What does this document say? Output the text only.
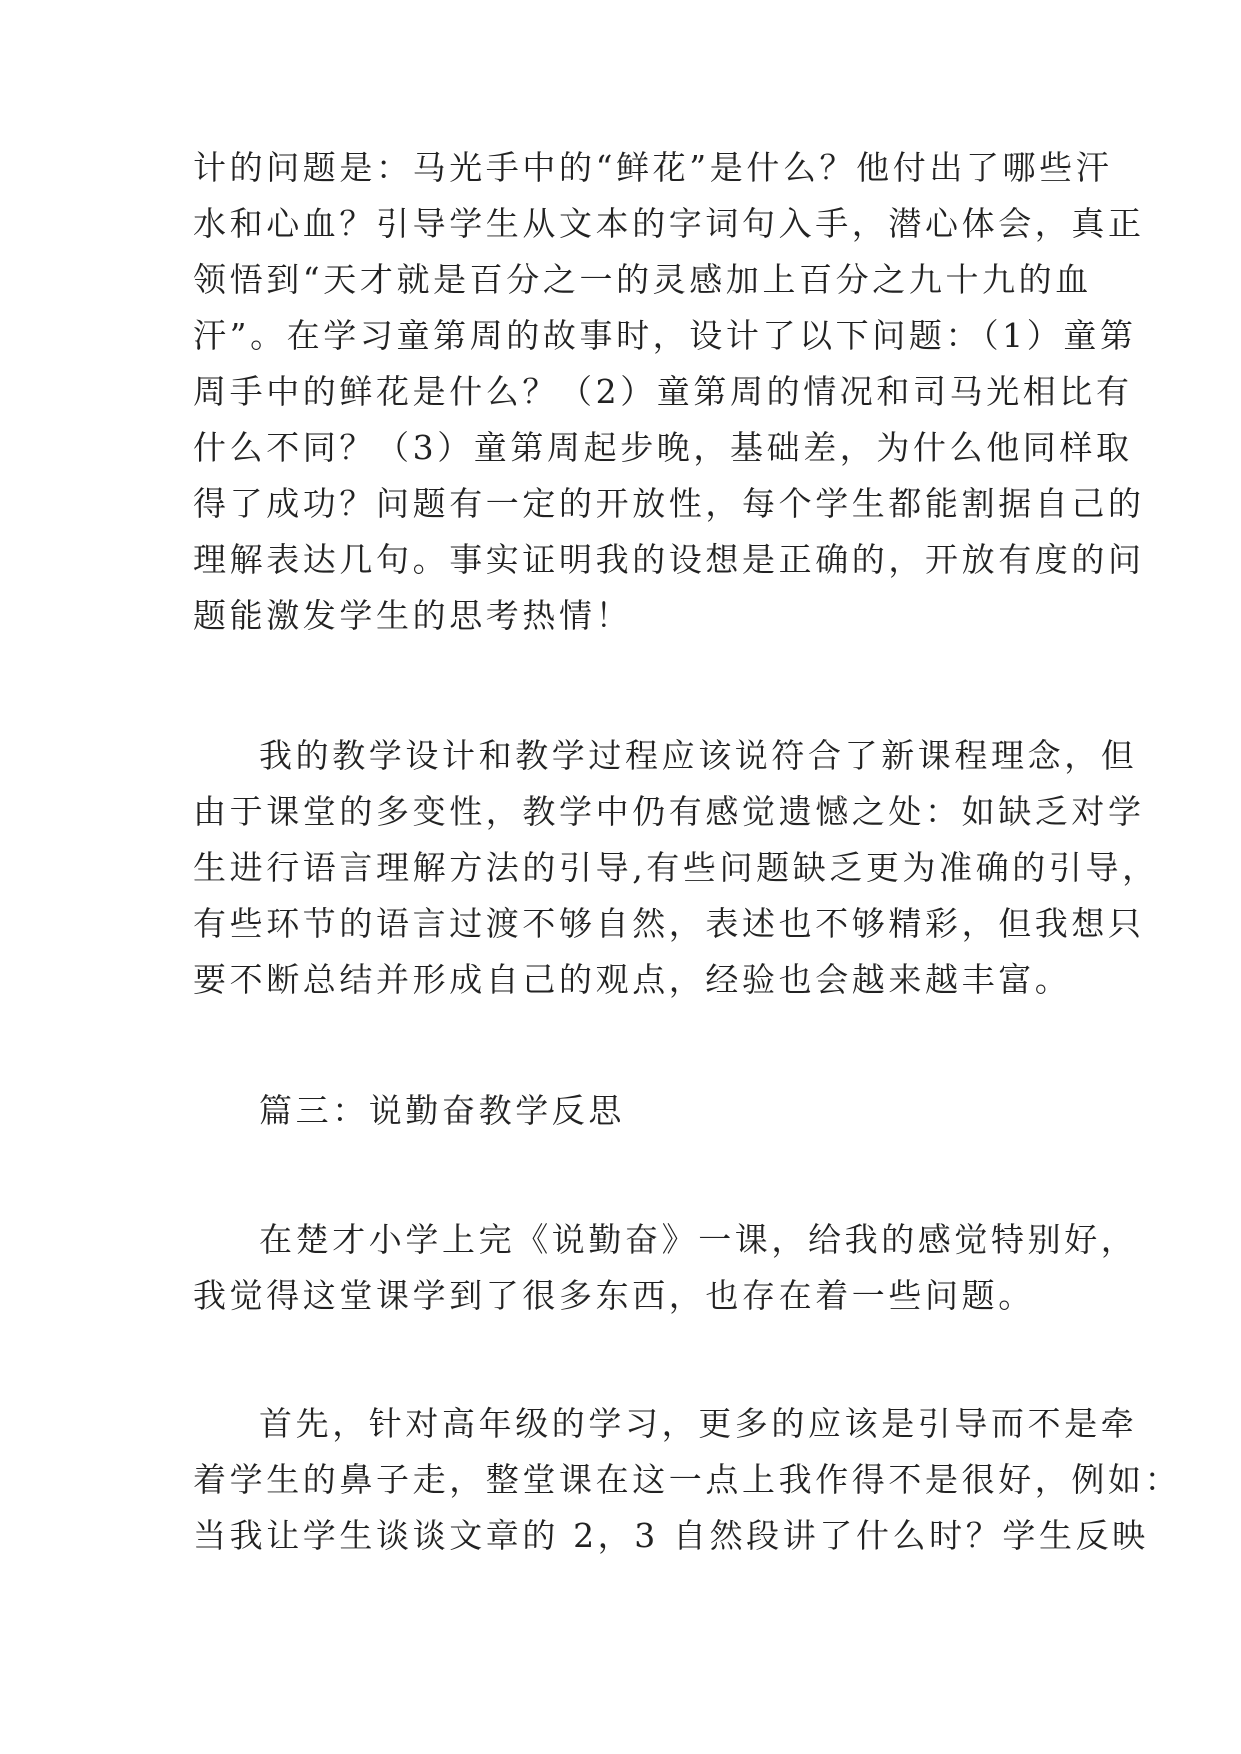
计的问题是：马光手中的“鲜花”是什么？他付出了哪些汗
水和心血？引导学生从文本的字词句入手，潜心体会，真正
领悟到“天才就是百分之一的灵感加上百分之九十九的血
汗”。在学习童第周的故事时，设计了以下问题：（1）童第
周手中的鲜花是什么？（2）童第周的情况和司马光相比有
什么不同？（3）童第周起步晚，基础差，为什么他同样取
得了成功？问题有一定的开放性，每个学生都能割据自己的
理解表达几句。事实证明我的设想是正确的，开放有度的问
题能激发学生的思考热情！
我的教学设计和教学过程应该说符合了新课程理念，但
由于课堂的多变性，教学中仍有感觉遗憾之处：如缺乏对学
生进行语言理解方法的引导,有些问题缺乏更为准确的引导，
有些环节的语言过渡不够自然，表述也不够精彩，但我想只
要不断总结并形成自己的观点，经验也会越来越丰富。
篇三：说勤奋教学反思
在楚才小学上完《说勤奋》一课，给我的感觉特别好，
我觉得这堂课学到了很多东西，也存在着一些问题。
首先，针对高年级的学习，更多的应该是引导而不是牵
着学生的鼻子走，整堂课在这一点上我作得不是很好，例如：
当我让学生谈谈文章的 2，3 自然段讲了什么时？学生反映
